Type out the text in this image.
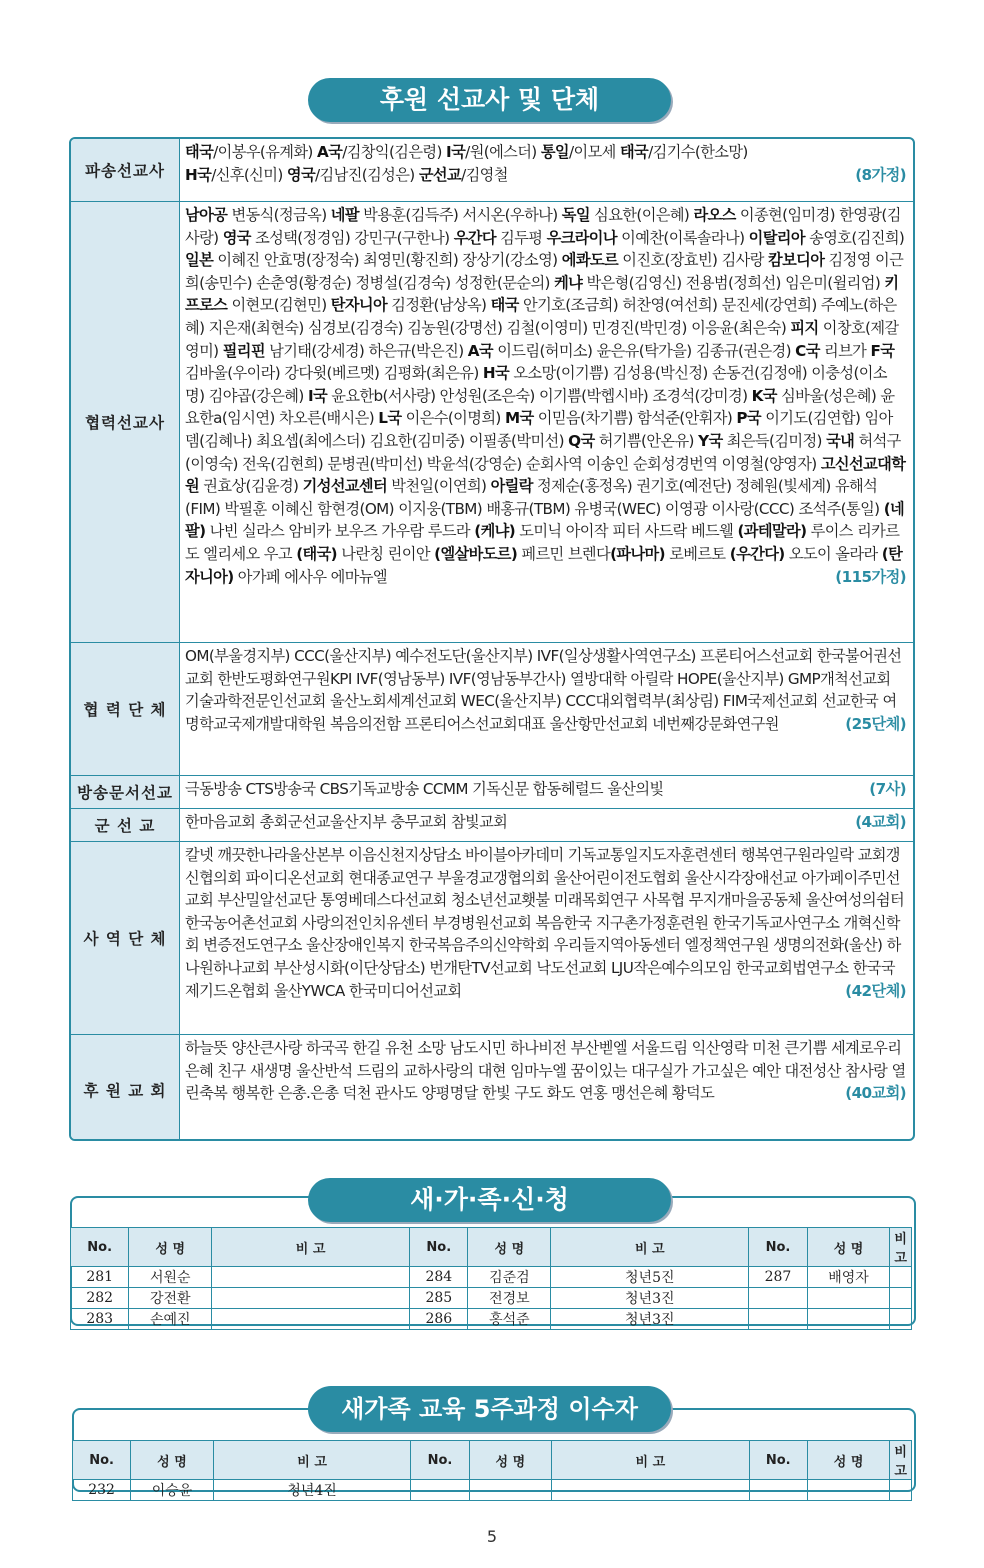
후원 선교사 및 단체
파송선교사
태국/이봉우(유계화) A국/김창익(김은령) I국/원(에스더) 통일/이모세 태국/김기수(한소망)
H국/신후(신미) 영국/김남진(김성은) 군선교/김영철	(8가정)
협력선교사
남아공 변동식(정금옥) 네팔 박용훈(김득주) 서시온(우하나) 독일 심요한(이은혜) 라오스 이종현(임미경) 한영광(김사랑) 영국 조성택(정경임) 강민구(구한나) 우간다 김두평 우크라이나 이예찬(이록솔라나) 이탈리아 송영호(김진희) 일본 이혜진 안효명(장정숙) 최영민(황진희) 장상기(강소영) 에콰도르 이진호(장효빈) 김사랑 캄보디아 김정영 이근희(송민수) 손춘영(황경순) 정병설(김경숙) 성정한(문순의) 케냐 박은형(김영신) 전용범(정희선) 임은미(윌리엄) 키프로스 이현모(김현민) 탄자니아 김정환(남상옥) 태국 안기호(조금희) 허찬영(여선희) 문진세(강연희) 주예노(하은혜) 지은재(최현숙) 심경보(김경숙) 김농원(강명선) 김철(이영미) 민경진(박민경) 이응윤(최은숙) 피지 이창호(제갈영미) 필리핀 남기태(강세경) 하은규(박은진) A국 이드림(허미소) 윤은유(탁가을) 김종규(권은경) C국 리브가 F국 김바울(우이라) 강다윗(베르멧) 김평화(최은유) H국 오소망(이기쁨) 김성용(박신정) 손동건(김정애) 이충성(이소명) 김야곱(강은혜) I국 윤요한b(서사랑) 안성원(조은숙) 이기쁨(박헵시바) 조경석(강미경) K국 심바울(성은혜) 윤요한a(임시연) 차오른(배시은) L국 이은수(이명희) M국 이믿음(차기쁨) 함석준(안휘자) P국 이기도(김연합) 임아뎀(김혜나) 최요셉(최에스더) 김요한(김미중) 이필종(박미선) Q국 허기쁨(안온유) Y국 최은득(김미정) 국내 허석구(이영숙) 전욱(김현희) 문병권(박미선) 박윤석(강영순) 순회사역 이송인 순회성경번역 이영철(양영자) 고신선교대학원 권효상(김윤경) 기성선교센터 박천일(이연희) 아릴락 정제순(홍정옥) 권기호(예전단) 정혜원(빛세계) 유해석(FIM) 박필훈 이혜신 함현경(OM) 이지웅(TBM) 배홍규(TBM) 유병국(WEC) 이영광 이사랑(CCC) 조석주(통일) (네팔) 나빈 실라스 암비카 보우즈 가우람 루드라 (케냐) 도미닉 아이작 피터 사드락 베드웰 (과테말라) 루이스 리카르도 엘리세오 우고 (태국) 나란칭 린이안 (엘살바도르) 페르민 브렌다(파나마) 로베르토 (우간다) 오도이 올라라 (탄자니아) 아가페 에사우 에마뉴엘	(115가정)
협 력 단 체
OM(부울경지부) CCC(울산지부) 예수전도단(울산지부) IVF(일상생활사역연구소) 프론티어스선교회 한국불어권선교회 한반도평화연구원KPI IVF(영남동부) IVF(영남동부간사) 열방대학 아릴락 HOPE(울산지부) GMP개척선교회 기술과학전문인선교회 울산노회세계선교회 WEC(울산지부) CCC대외협력부(최상림) FIM국제선교회 선교한국 여명학교국제개발대학원 복음의전함 프론티어스선교회대표 울산항만선교회 네번째강문화연구원	(25단체)
방송문서선교 극동방송 CTS방송국 CBS기독교방송 CCMM 기독신문 합동헤럴드 울산의빛	(7사)
군 선 교	한마음교회 총회군선교울산지부 충무교회 참빛교회	(4교회)
사 역 단 체
칼넷 깨끗한나라울산본부 이음신천지상담소 바이블아카데미 기독교통일지도자훈련센터 행복연구원라일락 교회갱신협의회 파이디온선교회 현대종교연구 부울경교갱협의회 울산어린이전도협회 울산시각장애선교 아가페이주민선교회 부산밀알선교단 통영베데스다선교회 청소년선교횃불 미래목회연구 사목협 무지개마을공동체 울산여성의쉼터 한국농어촌선교회 사랑의전인치유센터 부경병원선교회 복음한국 지구촌가정훈련원 한국기독교사연구소 개혁신학회 변증전도연구소 울산장애인복지 한국복음주의신약학회 우리들지역아동센터 엘정책연구원 생명의전화(울산) 하나원하나교회 부산성시화(이단상담소) 번개탄TV선교회 낙도선교회 LJU작은예수의모임 한국교회법연구소 한국국제기드온협회 울산YWCA 한국미디어선교회	(42단체)
후 원 교 회
하늘뜻 양산큰사랑 하국곡 한길 유천 소망 남도시민 하나비전 부산벧엘 서울드림 익산영락 미천 큰기쁨 세계로우리 은혜 친구 새생명 울산반석 드림의 교하사랑의 대현 임마누엘 꿈이있는 대구실가 가고싶은 예안 대전성산 참사랑 열린축복 행복한 은총.은총 덕천 관사도 양평명달 한빛 구도 화도 연홍 맹선은혜 황덕도	(40교회)
No.	성 명	비 고	No.	성 명	비 고	No.	성 명	비 고
281	서원순		284	김준검	청년5진	287	배영자	
282	강전환		285	전경보	청년3진			
283	손예진		286	홍석준	청년3진			
새·가·족·신·청
No.	성 명	비 고	No.	성 명	비 고	No.	성 명	비 고
232	이승윤	청년4진						
새가족 교육 5주과정 이수자
5
